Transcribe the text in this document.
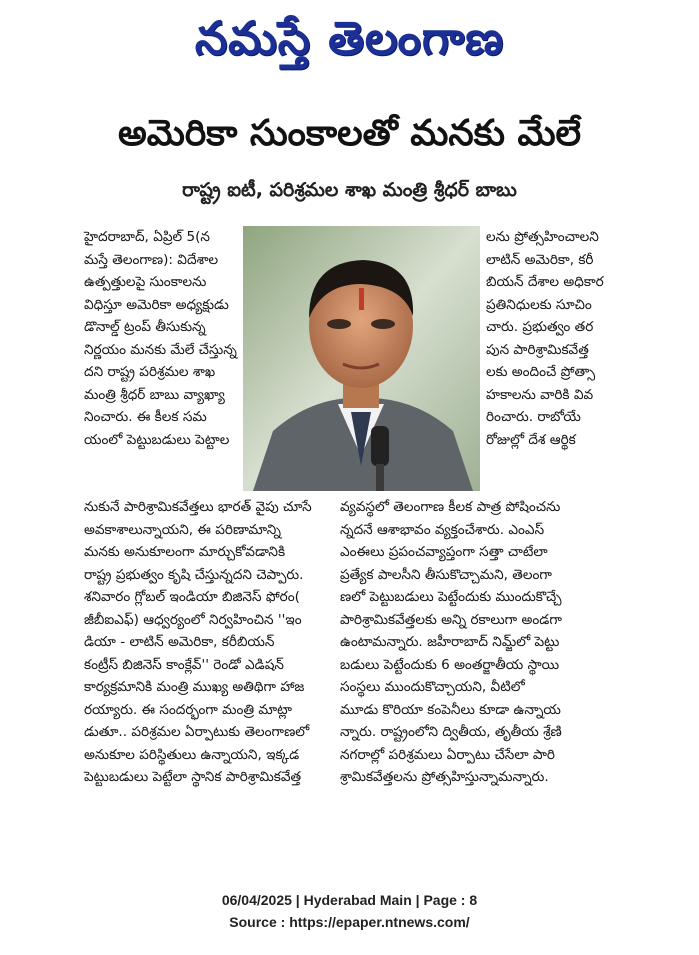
నమస్తే తెలంగాణ
అమెరికా సుంకాలతో మనకు మేలే
రాష్ట్ర ఐటీ, పరిశ్రమల శాఖ మంత్రి శ్రీధర్ బాబు

హైదరాబాద్, ఏప్రిల్ 5(న

మస్తే తెలంగాణ): విదేశాల

ఉత్పత్తులపై సుంకాలను

విధిస్తూ అమెరికా అధ్యక్షుడు

డొనాల్డ్ ట్రంప్ తీసుకున్న

నిర్ణయం మనకు మేలే చేస్తున్న

దని రాష్ట్ర పరిశ్రమల శాఖ

మంత్రి శ్రీధర్ బాబు వ్యాఖ్యా

నించారు. ఈ కీలక సమ

యంలో పెట్టుబడులు పెట్టాల

లను ప్రోత్సహించాలని

లాటిన్ అమెరికా, కరీ

బియన్ దేశాల అధికార

ప్రతినిధులకు సూచిం

చారు. ప్రభుత్వం తర

పున పారిశ్రామికవేత్త

లకు అందించే ప్రోత్సా

హకాలను వారికి వివ

రించారు. రాబోయే

రోజుల్లో దేశ ఆర్థిక

నుకునే పారిశ్రామికవేత్తలు భారత్ వైపు చూసే

అవకాశాలున్నాయని, ఈ పరిణామాన్ని

మనకు అనుకూలంగా మార్చుకోవడానికి

రాష్ట్ర ప్రభుత్వం కృషి చేస్తున్నదని చెప్పారు.

శనివారం గ్లోబల్ ఇండియా బిజినెస్ ఫోరం(

జీబీఐఎఫ్) ఆధ్వర్యంలో నిర్వహించిన ''ఇం

డియా - లాటిన్ అమెరికా, కరీబియన్

కంట్రీస్ బిజినెస్ కాంక్లేవ్'' రెండో ఎడిషన్

కార్యక్రమానికి మంత్రి ముఖ్య అతిథిగా హాజ

రయ్యారు. ఈ సందర్భంగా మంత్రి మాట్లా

డుతూ.. పరిశ్రమల ఏర్పాటుకు తెలంగాణలో

అనుకూల పరిస్థితులు ఉన్నాయని, ఇక్కడ

పెట్టుబడులు పెట్టేలా స్థానిక పారిశ్రామికవేత్త

వ్యవస్థలో తెలంగాణ కీలక పాత్ర పోషించను

న్నదనే ఆశాభావం వ్యక్తంచేశారు. ఎంఎస్

ఎంఈలు ప్రపంచవ్యాప్తంగా సత్తా చాటేలా

ప్రత్యేక పాలసీని తీసుకొచ్చామని, తెలంగా

ణలో పెట్టుబడులు పెట్టేందుకు ముందుకొచ్చే

పారిశ్రామికవేత్తలకు అన్ని రకాలుగా అండగా

ఉంటామన్నారు. జహీరాబాద్ నిమ్జ్‌లో పెట్టు

బడులు పెట్టేందుకు 6 అంతర్జాతీయ స్థాయి

సంస్థలు ముందుకొచ్చాయని, వీటిలో

మూడు కొరియా కంపెనీలు కూడా ఉన్నాయ

న్నారు. రాష్ట్రంలోని ద్వితీయ, తృతీయ శ్రేణి

నగరాల్లో పరిశ్రమలు ఏర్పాటు చేసేలా పారి

శ్రామికవేత్తలను ప్రోత్సహిస్తున్నామన్నారు.

06/04/2025 | Hyderabad Main | Page : 8
Source : https://epaper.ntnews.com/
